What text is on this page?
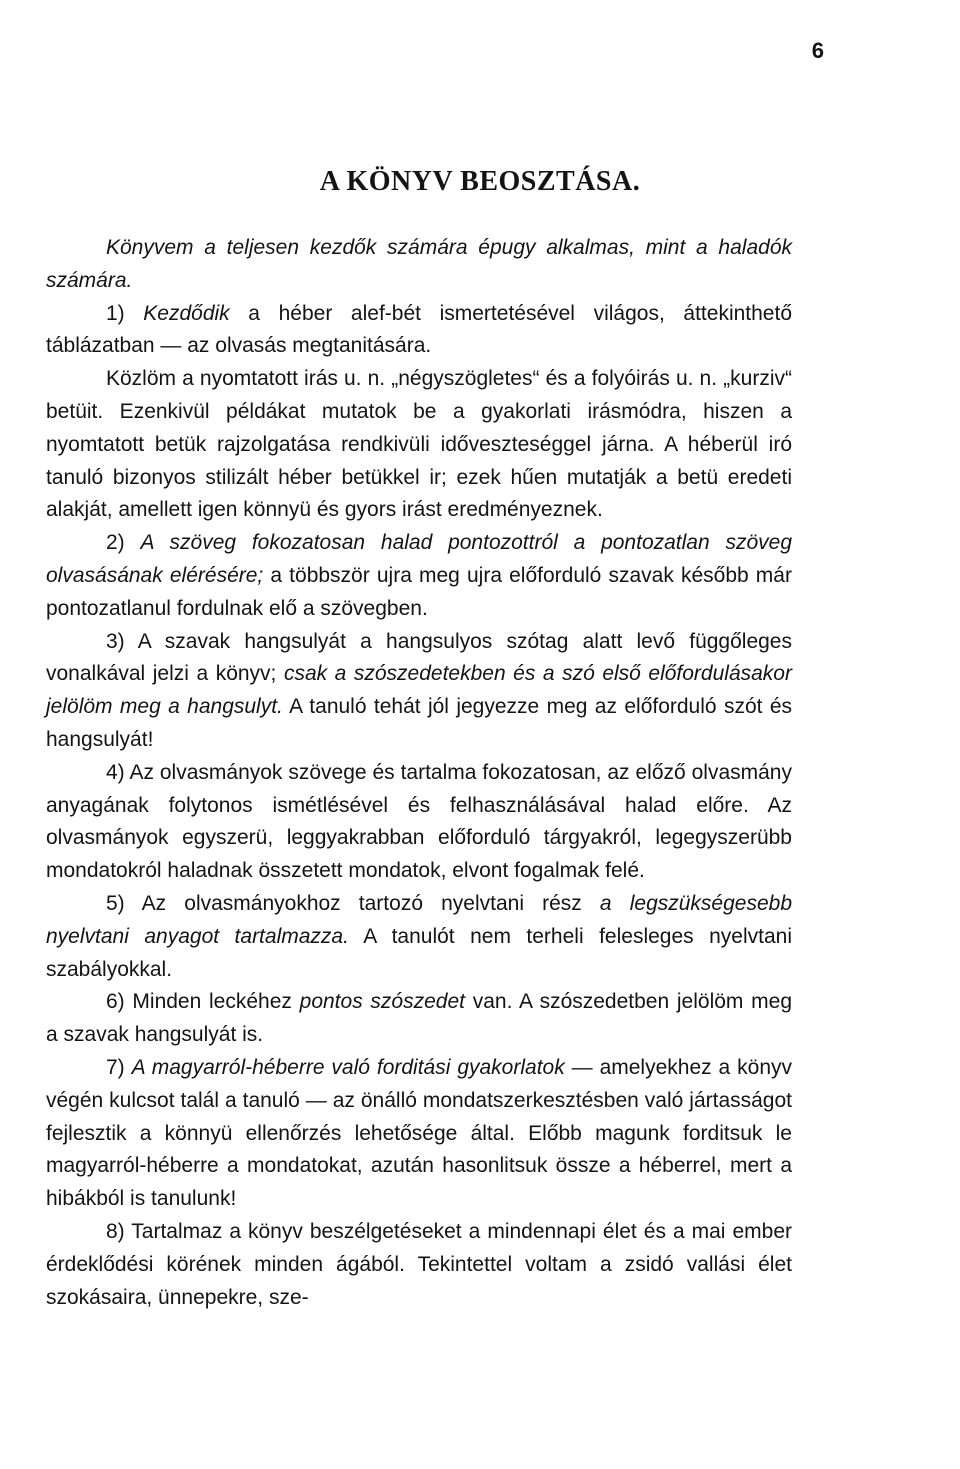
6
A KÖNYV BEOSZTÁSA.

Könyvem a teljesen kezdők számára épugy alkalmas, mint a haladók számára.

1) Kezdődik a héber alef-bét ismertetésével világos, áttekinthető táblázatban — az olvasás megtanitására.

Közlöm a nyomtatott irás u. n. „négyszögletes“ és a folyóirás u. n. „kurziv“ betüit. Ezenkivül példákat mutatok be a gyakorlati irásmódra, hiszen a nyomtatott betük rajzolgatása rendkivüli időveszteséggel járna. A héberül iró tanuló bizonyos stilizált héber betükkel ir; ezek hűen mutatják a betü eredeti alakját, amellett igen könnyü és gyors irást eredményeznek.

2) A szöveg fokozatosan halad pontozottról a pontozatlan szöveg olvasásának elérésére; a többször ujra meg ujra előforduló szavak később már pontozatlanul fordulnak elő a szövegben.

3) A szavak hangsulyát a hangsulyos szótag alatt levő függőleges vonalkával jelzi a könyv; csak a szószedetekben és a szó első előfordulásakor jelölöm meg a hangsulyt. A tanuló tehát jól jegyezze meg az előforduló szót és hangsulyát!

4) Az olvasmányok szövege és tartalma fokozatosan, az előző olvasmány anyagának folytonos ismétlésével és felhasználásával halad előre. Az olvasmányok egyszerü, leggyakrabban előforduló tárgyakról, legegyszerübb mondatokról haladnak összetett mondatok, elvont fogalmak felé.

5) Az olvasmányokhoz tartozó nyelvtani rész a legszükségesebb nyelvtani anyagot tartalmazza. A tanulót nem terheli felesleges nyelvtani szabályokkal.

6) Minden leckéhez pontos szószedet van. A szószedetben jelölöm meg a szavak hangsulyát is.

7) A magyarról-héberre való forditási gyakorlatok — amelyekhez a könyv végén kulcsot talál a tanuló — az önálló mondatszerkesztésben való jártasságot fejlesztik a könnyü ellenőrzés lehetősége által. Előbb magunk forditsuk le magyarról-héberre a mondatokat, azután hasonlitsuk össze a héberrel, mert a hibákból is tanulunk!

8) Tartalmaz a könyv beszélgetéseket a mindennapi élet és a mai ember érdeklődési körének minden ágából. Tekintettel voltam a zsidó vallási élet szokásaira, ünnepekre, sze-
